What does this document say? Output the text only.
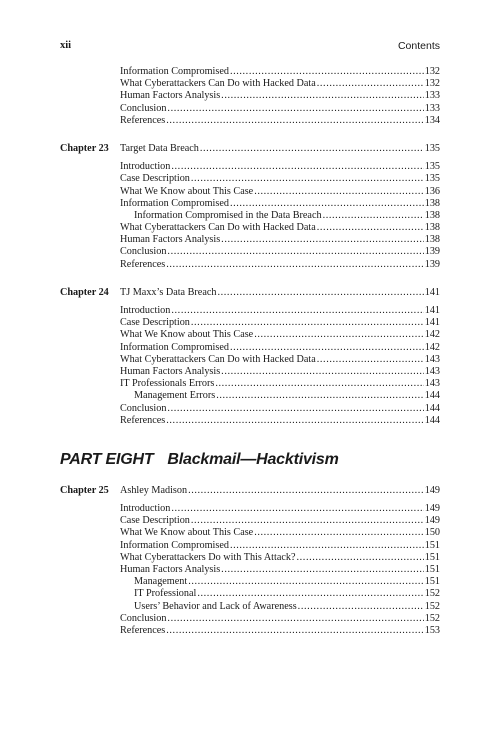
xii	Contents
Information Compromised .....	132
What Cyberattackers Can Do with Hacked Data .....	132
Human Factors Analysis .....	133
Conclusion .....	133
References .....	134
Chapter 23 Target Data Breach .....	135
Introduction .....	135
Case Description .....	135
What We Know about This Case .....	136
Information Compromised .....	138
Information Compromised in the Data Breach .....	138
What Cyberattackers Can Do with Hacked Data .....	138
Human Factors Analysis .....	138
Conclusion .....	139
References .....	139
Chapter 24 TJ Maxx’s Data Breach .....	141
Introduction .....	141
Case Description .....	141
What We Know about This Case .....	142
Information Compromised .....	142
What Cyberattackers Can Do with Hacked Data .....	143
Human Factors Analysis .....	143
IT Professionals Errors .....	143
Management Errors .....	144
Conclusion .....	144
References .....	144
PART EIGHT Blackmail—Hacktivism
Chapter 25 Ashley Madison .....	149
Introduction .....	149
Case Description .....	149
What We Know about This Case .....	150
Information Compromised .....	151
What Cyberattackers Do with This Attack? .....	151
Human Factors Analysis .....	151
Management .....	151
IT Professional .....	152
Users’ Behavior and Lack of Awareness .....	152
Conclusion .....	152
References .....	153
